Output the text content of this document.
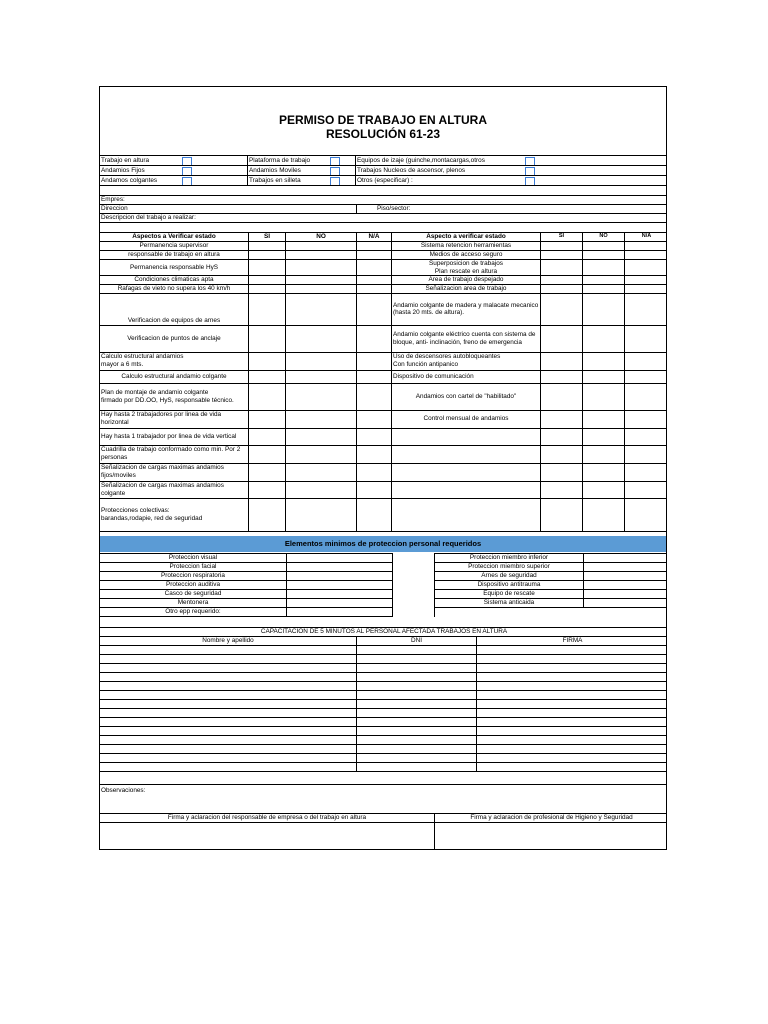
PERMISO DE TRABAJO EN ALTURA
RESOLUCIÓN 61-23
Trabajo en altura	Plataforma de trabajo	Equipos de izaje (guinche,montacargas,otros

Andamios Fijos	Andamios Moviles	Trabajos Nucleos de ascensor, plenos

Andamos colgantes	Trabajos en silleta	Otros (especificar) :
Empres:
Direccion	Piso/sector:
Descripcion del trabajo a realizar:
Aspectos a Verificar estado	SI	NO	N/A	Aspecto a verificar estado	SI	NO	N/A
Permanencia supervisor				Sistema retencion herramientas			
responsable de trabajo en altura				Medios de acceso seguro			
Permanencia responsable HyS				Superposicion de trabajos
Plan rescate en altura			
Condiciones climaticas apta				Area de trabajo despejado			
Rafagas de vieto no supera los 40 km/h				Señalizacion area de trabajo			

Verificacion de equipos de arnes				Andamio colgante de madera y malacate mecanico (hasta 20 mts. de altura).			
Verificacion de puntos de anclaje				Andamio colgante eléctrico cuenta con sistema de bloque, anti- inclinación, freno de emergencia			
Calculo estructural andamios
mayor a 6 mts.				Uso de descensores autobloqueantes
Con función antipanico			
Calculo estructural andamio colgante				Dispositivo de comunicación			
Plan de montaje de andamio colgante
firmado por DD.OO, HyS, responsable técnico.				Andamios con cartel de "habilitado"			
Hay hasta 2 trabajadores por linea de vida horizontal				Control mensual de andamios			
Hay hasta 1 trabajador por linea de vida vertical							
Cuadrilla de trabajo conformado como min. Por 2 personas							
Señalizacion de cargas maximas andamios fijos/moviles							
Señalizacion de cargas maximas andamios colgante							
Protecciones colectivas:
barandas,rodapie, red de seguridad							
Elementos minimos de proteccion personal requeridos
Proteccion visual			Proteccion miembro inferior	
Proteccion facial			Proteccion miembro superior	
Proteccion respiratoria			Arnes de seguridad	
Proteccion auditiva			Dispositivo antitrauma	
Casco de seguridad			Equipo de rescate	
Mentonera			Sistema anticaida	
Otro epp requerido:				
CAPACITACION DE 5 MINUTOS AL PERSONAL AFECTADA TRABAJOS EN ALTURA		
Nombre y apellido	DNI	FIRMA

Observaciones:	
Firma y aclaracion del responsable de empresa o del trabajo en altura	Firma y aclaracion de profesional de Higieno y Seguridad
